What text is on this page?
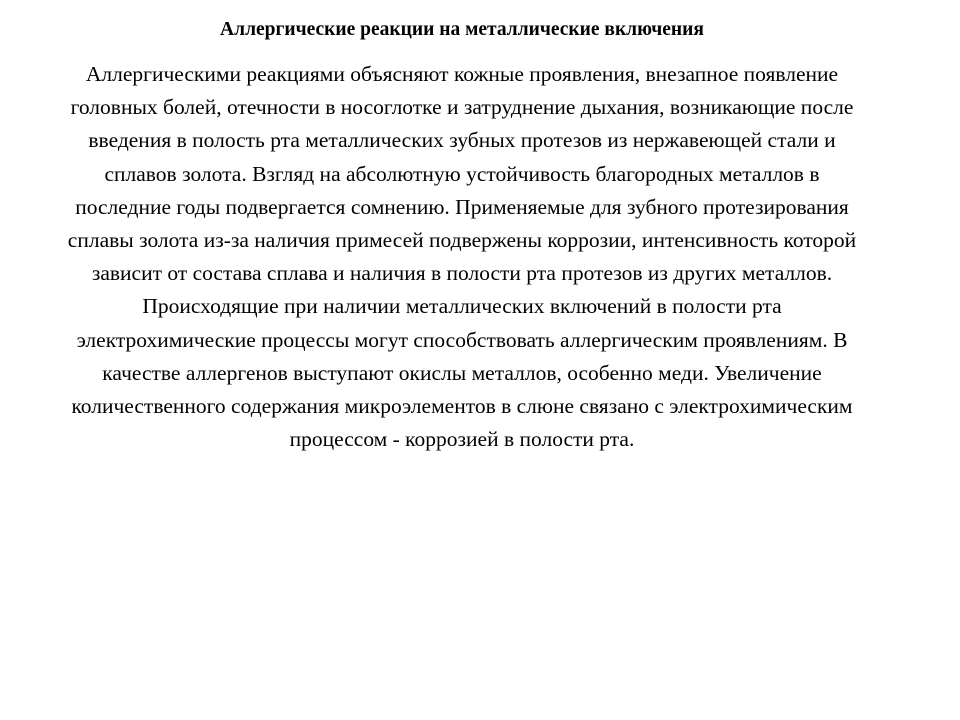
Аллергические реакции на металлические включения
Аллергическими реакциями объясняют кожные проявления, внезапное появление
головных болей, отечности в носоглотке и затруднение дыхания, возникающие после
введения в полость рта металлических зубных протезов из нержавеющей стали и
сплавов золота. Взгляд на абсолютную устойчивость благородных металлов в
последние годы подвергается сомнению. Применяемые для зубного протезирования
сплавы золота из-за наличия примесей подвержены коррозии, интенсивность которой
зависит от состава сплава и наличия в полости рта протезов из других металлов.
Происходящие при наличии металлических включений в полости рта
электрохимические процессы могут способствовать аллергическим проявлениям. В
качестве аллергенов выступают окислы металлов, особенно меди. Увеличение
количественного содержания микроэлементов в слюне связано с электрохимическим
процессом - коррозией в полости рта.
